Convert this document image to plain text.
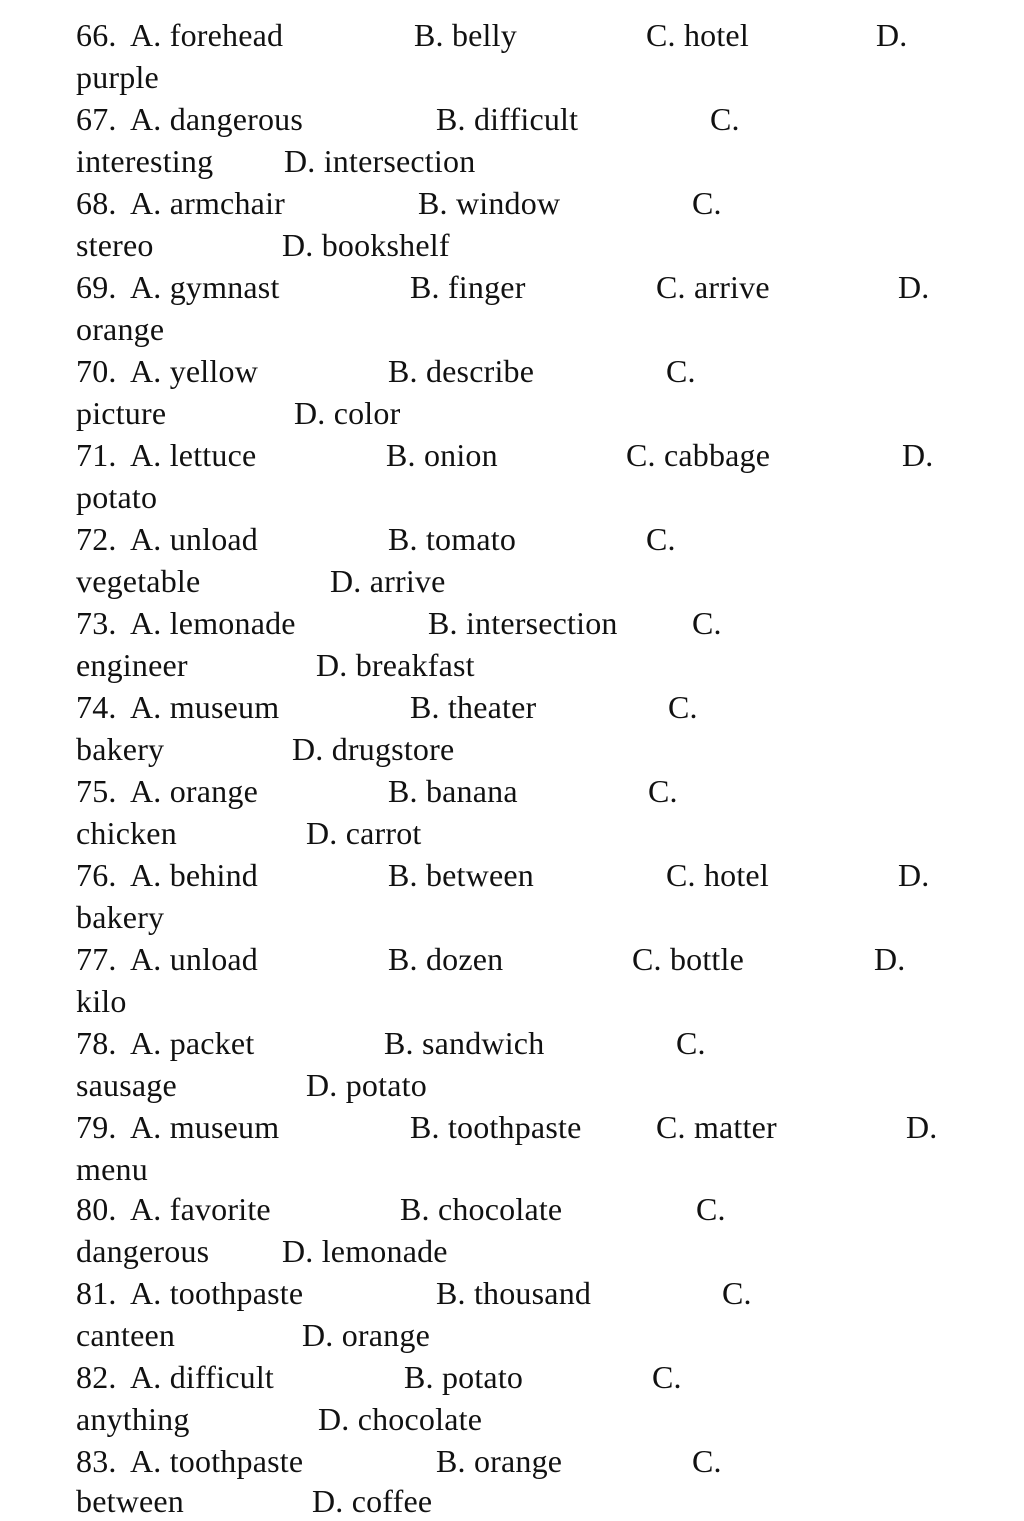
66. A. forehead	B. belly	C. hotel	D.
purple
67. A. dangerous	B. difficult	C.
interesting D. intersection
68. A. armchair	B. window	C.
stereo	D. bookshelf
69. A. gymnast	B. finger	C. arrive	D.
orange
70. A. yellow	B. describe	C.
picture	D. color
71. A. lettuce	B. onion	C. cabbage	D.
potato
72. A. unload	B. tomato	C.
vegetable	D. arrive
73. A. lemonade	B. intersection C.
engineer	D. breakfast
74. A. museum	B. theater	C.
bakery	D. drugstore
75. A. orange	B. banana	C.
chicken	D. carrot
76. A. behind	B. between	C. hotel	D.
bakery
77. A. unload	B. dozen	C. bottle	D.
kilo
78. A. packet	B. sandwich	C.
sausage	D. potato
79. A. museum	B. toothpaste C. matter	D.
menu
80. A. favorite	B. chocolate	C.
dangerous D. lemonade
81. A. toothpaste	B. thousand	C.
canteen	D. orange
82. A. difficult	B. potato	C.
anything	D. chocolate
83. A. toothpaste	B. orange	C.
between	D. coffee
